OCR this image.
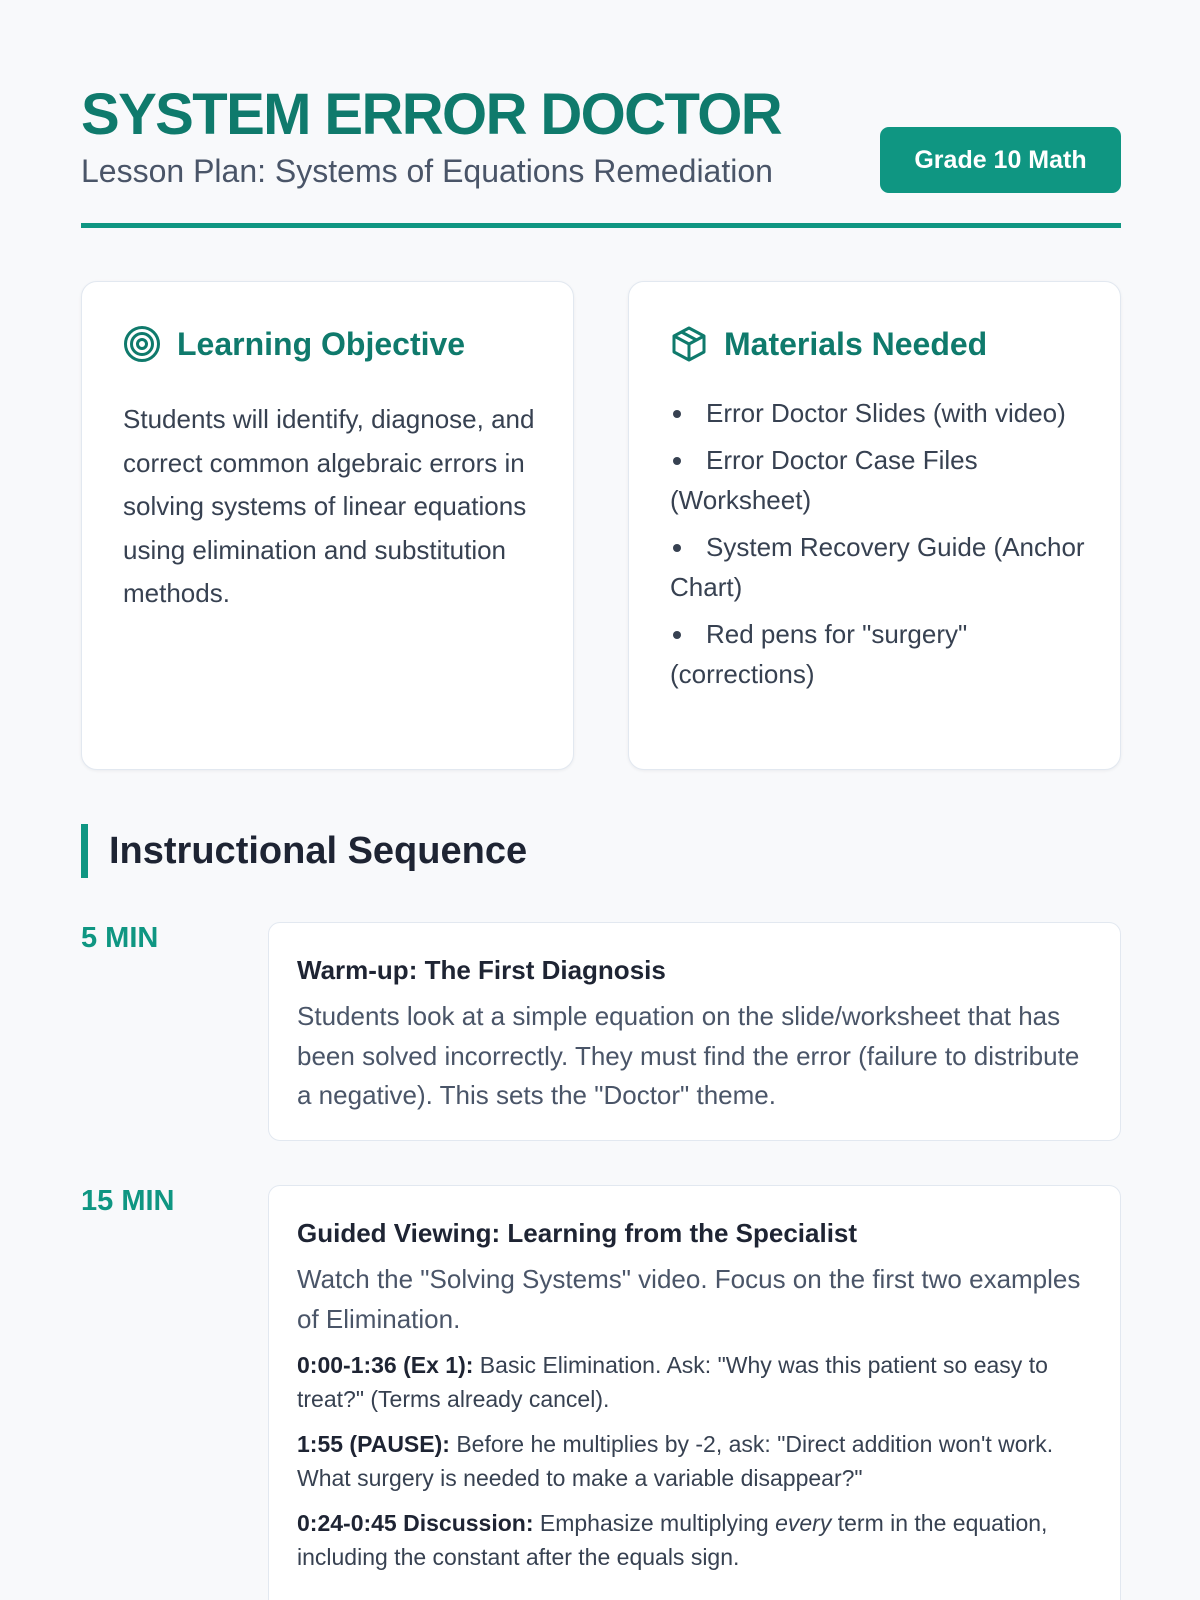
SYSTEM ERROR DOCTOR
Lesson Plan: Systems of Equations Remediation	Grade 10 Math
Learning Objective

Students will identify, diagnose, and correct common algebraic errors in solving systems of linear equations using elimination and substitution methods.

Materials Needed
Error Doctor Slides (with video)
Error Doctor Case Files (Worksheet)
System Recovery Guide (Anchor Chart)
Red pens for "surgery" (corrections)
Instructional Sequence
5 MIN
Warm-up: The First Diagnosis

Students look at a simple equation on the slide/worksheet that has been solved incorrectly. They must find the error (failure to distribute a negative). This sets the "Doctor" theme.

15 MIN
Guided Viewing: Learning from the Specialist

Watch the "Solving Systems" video. Focus on the first two examples of Elimination.

0:00-1:36 (Ex 1): Basic Elimination. Ask: "Why was this patient so easy to treat?" (Terms already cancel).

1:55 (PAUSE): Before he multiplies by -2, ask: "Direct addition won't work. What surgery is needed to make a variable disappear?"

0:24-0:45 Discussion: Emphasize multiplying every term in the equation, including the constant after the equals sign.
